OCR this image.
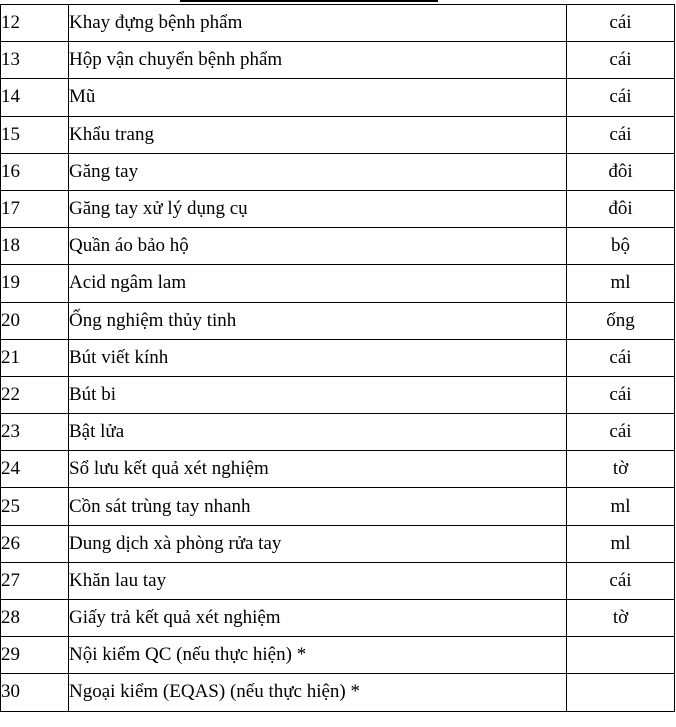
12	Khay đựng bệnh phẩm	cái
13	Hộp vận chuyển bệnh phẩm	cái
14	Mũ	cái
15	Khẩu trang	cái
16	Găng tay	đôi
17	Găng tay xử lý dụng cụ	đôi
18	Quần áo bảo hộ	bộ
19	Acid ngâm lam	ml
20	Ống nghiệm thủy tinh	ống
21	Bút viết kính	cái
22	Bút bi	cái
23	Bật lửa	cái
24	Sổ lưu kết quả xét nghiệm	tờ
25	Cồn sát trùng tay nhanh	ml
26	Dung dịch xà phòng rửa tay	ml
27	Khăn lau tay	cái
28	Giấy trả kết quả xét nghiệm	tờ
29	Nội kiểm QC (nếu thực hiện) *	
30	Ngoại kiểm (EQAS) (nếu thực hiện) *	
